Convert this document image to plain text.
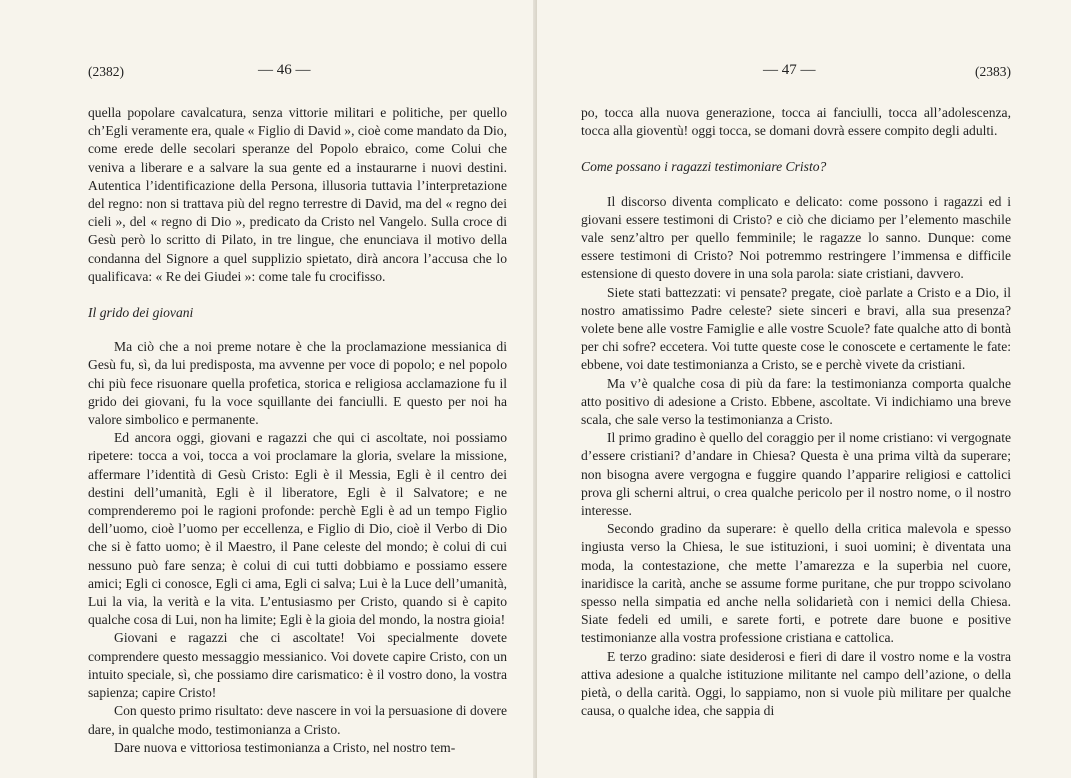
(2382)	— 46 —

quella popolare cavalcatura, senza vittorie militari e politiche, per quello ch’Egli veramente era, quale « Figlio di David », cioè come mandato da Dio, come erede delle secolari speranze del Popolo ebraico, come Colui che veniva a liberare e a salvare la sua gente ed a instaurarne i nuovi destini. Autentica l’identificazione della Persona, illusoria tuttavia l’interpretazione del regno: non si trattava più del regno terrestre di David, ma del « regno dei cieli », del « regno di Dio », predicato da Cristo nel Vangelo. Sulla croce di Gesù però lo scritto di Pilato, in tre lingue, che enunciava il motivo della condanna del Signore a quel supplizio spietato, dirà ancora l’accusa che lo qualificava: « Re dei Giudei »: come tale fu crocifisso.

Il grido dei giovani

Ma ciò che a noi preme notare è che la proclamazione messianica di Gesù fu, sì, da lui predisposta, ma avvenne per voce di popolo; e nel popolo chi più fece risuonare quella profetica, storica e religiosa acclamazione fu il grido dei giovani, fu la voce squillante dei fanciulli. E questo per noi ha valore simbolico e permanente.

Ed ancora oggi, giovani e ragazzi che qui ci ascoltate, noi possiamo ripetere: tocca a voi, tocca a voi proclamare la gloria, svelare la missione, affermare l’identità di Gesù Cristo: Egli è il Messia, Egli è il centro dei destini dell’umanità, Egli è il liberatore, Egli è il Salvatore; e ne comprenderemo poi le ragioni profonde: perchè Egli è ad un tempo Figlio dell’uomo, cioè l’uomo per eccellenza, e Figlio di Dio, cioè il Verbo di Dio che si è fatto uomo; è il Maestro, il Pane celeste del mondo; è colui di cui nessuno può fare senza; è colui di cui tutti dobbiamo e possiamo essere amici; Egli ci conosce, Egli ci ama, Egli ci salva; Lui è la Luce dell’umanità, Lui la via, la verità e la vita. L’entusiasmo per Cristo, quando si è capito qualche cosa di Lui, non ha limite; Egli è la gioia del mondo, la nostra gioia!

Giovani e ragazzi che ci ascoltate! Voi specialmente dovete comprendere questo messaggio messianico. Voi dovete capire Cristo, con un intuito speciale, sì, che possiamo dire carismatico: è il vostro dono, la vostra sapienza; capire Cristo!

Con questo primo risultato: deve nascere in voi la persuasione di dovere dare, in qualche modo, testimonianza a Cristo.

Dare nuova e vittoriosa testimonianza a Cristo, nel nostro tem-

— 47 —	(2383)

po, tocca alla nuova generazione, tocca ai fanciulli, tocca all’adolescenza, tocca alla gioventù! oggi tocca, se domani dovrà essere compito degli adulti.

Come possano i ragazzi testimoniare Cristo?

Il discorso diventa complicato e delicato: come possono i ragazzi ed i giovani essere testimoni di Cristo? e ciò che diciamo per l’elemento maschile vale senz’altro per quello femminile; le ragazze lo sanno. Dunque: come essere testimoni di Cristo? Noi potremmo restringere l’immensa e difficile estensione di questo dovere in una sola parola: siate cristiani, davvero.

Siete stati battezzati: vi pensate? pregate, cioè parlate a Cristo e a Dio, il nostro amatissimo Padre celeste? siete sinceri e bravi, alla sua presenza? volete bene alle vostre Famiglie e alle vostre Scuole? fate qualche atto di bontà per chi sofre? eccetera. Voi tutte queste cose le conoscete e certamente le fate: ebbene, voi date testimonianza a Cristo, se e perchè vivete da cristiani.

Ma v’è qualche cosa di più da fare: la testimonianza comporta qualche atto positivo di adesione a Cristo. Ebbene, ascoltate. Vi indichiamo una breve scala, che sale verso la testimonianza a Cristo.

Il primo gradino è quello del coraggio per il nome cristiano: vi vergognate d’essere cristiani? d’andare in Chiesa? Questa è una prima viltà da superare; non bisogna avere vergogna e fuggire quando l’apparire religiosi e cattolici prova gli scherni altrui, o crea qualche pericolo per il nostro nome, o il nostro interesse.

Secondo gradino da superare: è quello della critica malevola e spesso ingiusta verso la Chiesa, le sue istituzioni, i suoi uomini; è diventata una moda, la contestazione, che mette l’amarezza e la superbia nel cuore, inaridisce la carità, anche se assume forme puritane, che pur troppo scivolano spesso nella simpatia ed anche nella solidarietà con i nemici della Chiesa. Siate fedeli ed umili, e sarete forti, e potrete dare buone e positive testimonianze alla vostra professione cristiana e cattolica.

E terzo gradino: siate desiderosi e fieri di dare il vostro nome e la vostra attiva adesione a qualche istituzione militante nel campo dell’azione, o della pietà, o della carità. Oggi, lo sappiamo, non si vuole più militare per qualche causa, o qualche idea, che sappia di
